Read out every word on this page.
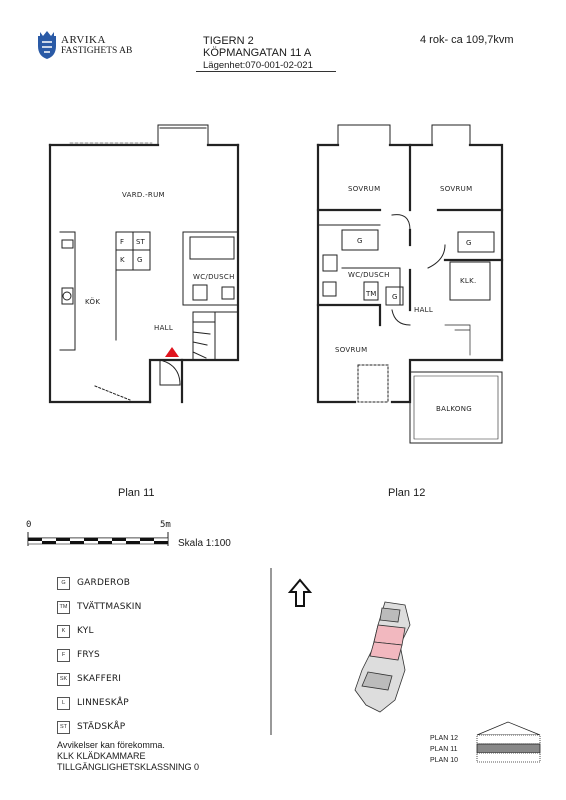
ARVIKA
FASTIGHETS AB
TIGERN 2
KÖPMANGATAN 11 A
Lägenhet:070-001-02-021
4 rok- ca 109,7kvm
VARD.-RUM
KÖK
WC/DUSCH
HALL
F ST
K G
SOVRUM	SOVRUM
SOVRUM
WC/DUSCH
HALL
KLK.
BALKONG
G	G
G
TM
Plan 11	Plan 12
0	5m
Skala 1:100
G	GARDEROB
TM TVÄTTMASKIN
K	KYL
F	FRYS
SK	SKAFFERI
L	LINNESKÅP
ST	STÄDSKÅP
Avvikelser kan förekomma.
KLK KLÄDKAMMARE
TILLGÄNGLIGHETSKLASSNING 0
PLAN 12
PLAN 11
PLAN 10
